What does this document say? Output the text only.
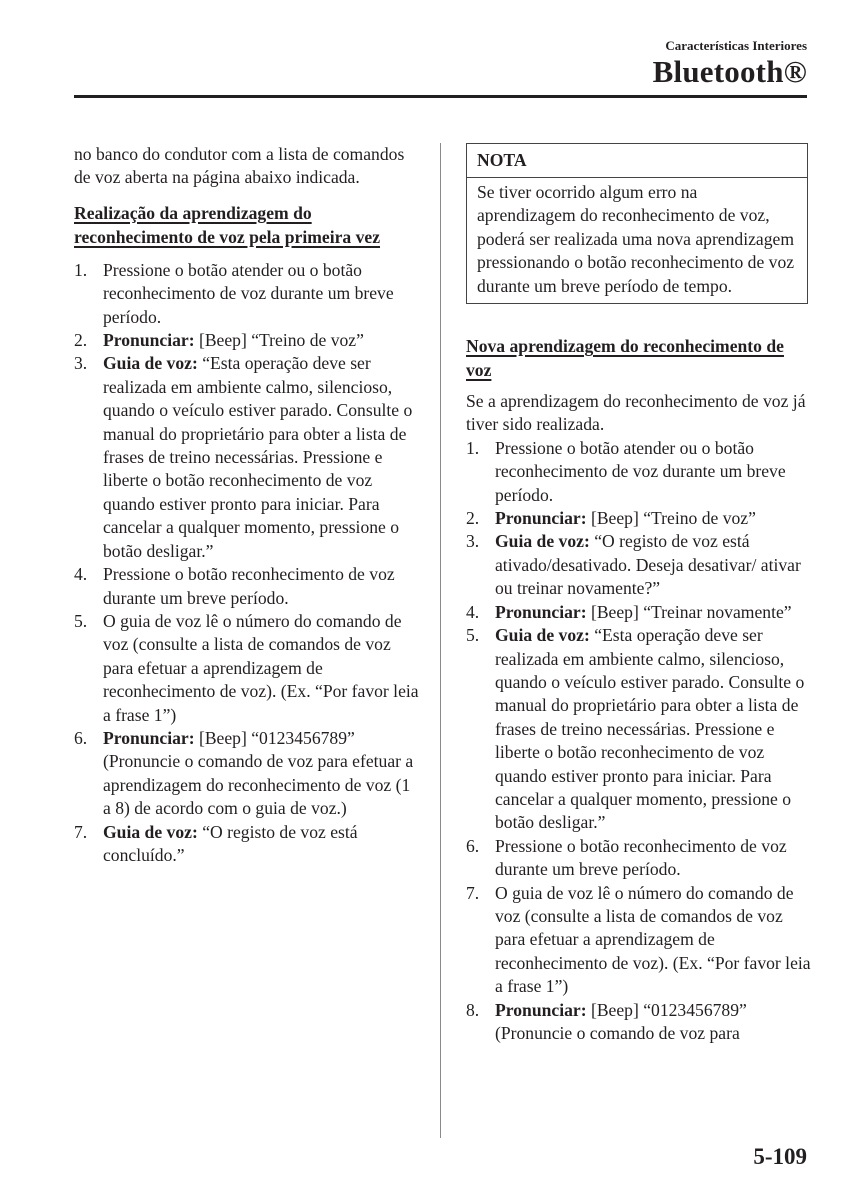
Características Interiores
Bluetooth®

no banco do condutor com a lista de comandos de voz aberta na página abaixo indicada.

Realização da aprendizagem do reconhecimento de voz pela primeira vez

1. Pressione o botão atender ou o botão reconhecimento de voz durante um breve período.
2. Pronunciar: [Beep] “Treino de voz”
3. Guia de voz: “Esta operação deve ser realizada em ambiente calmo, silencioso, quando o veículo estiver parado. Consulte o manual do proprietário para obter a lista de frases de treino necessárias. Pressione e liberte o botão reconhecimento de voz quando estiver pronto para iniciar. Para cancelar a qualquer momento, pressione o botão desligar.”
4. Pressione o botão reconhecimento de voz durante um breve período.
5. O guia de voz lê o número do comando de voz (consulte a lista de comandos de voz para efetuar a aprendizagem de reconhecimento de voz). (Ex. “Por favor leia a frase 1”)
6. Pronunciar: [Beep] “0123456789” (Pronuncie o comando de voz para efetuar a aprendizagem do reconhecimento de voz (1 a 8) de acordo com o guia de voz.)
7. Guia de voz: “O registo de voz está concluído.”
NOTA
Se tiver ocorrido algum erro na aprendizagem do reconhecimento de voz, poderá ser realizada uma nova aprendizagem pressionando o botão reconhecimento de voz durante um breve período de tempo.

Nova aprendizagem do reconhecimento de voz

Se a aprendizagem do reconhecimento de voz já tiver sido realizada.

1. Pressione o botão atender ou o botão reconhecimento de voz durante um breve período.
2. Pronunciar: [Beep] “Treino de voz”
3. Guia de voz: “O registo de voz está ativado/desativado. Deseja desativar/ ativar ou treinar novamente?”
4. Pronunciar: [Beep] “Treinar novamente”
5. Guia de voz: “Esta operação deve ser realizada em ambiente calmo, silencioso, quando o veículo estiver parado. Consulte o manual do proprietário para obter a lista de frases de treino necessárias. Pressione e liberte o botão reconhecimento de voz quando estiver pronto para iniciar. Para cancelar a qualquer momento, pressione o botão desligar.”
6. Pressione o botão reconhecimento de voz durante um breve período.
7. O guia de voz lê o número do comando de voz (consulte a lista de comandos de voz para efetuar a aprendizagem de reconhecimento de voz). (Ex. “Por favor leia a frase 1”)
8. Pronunciar: [Beep] “0123456789” (Pronuncie o comando de voz para
5-109
